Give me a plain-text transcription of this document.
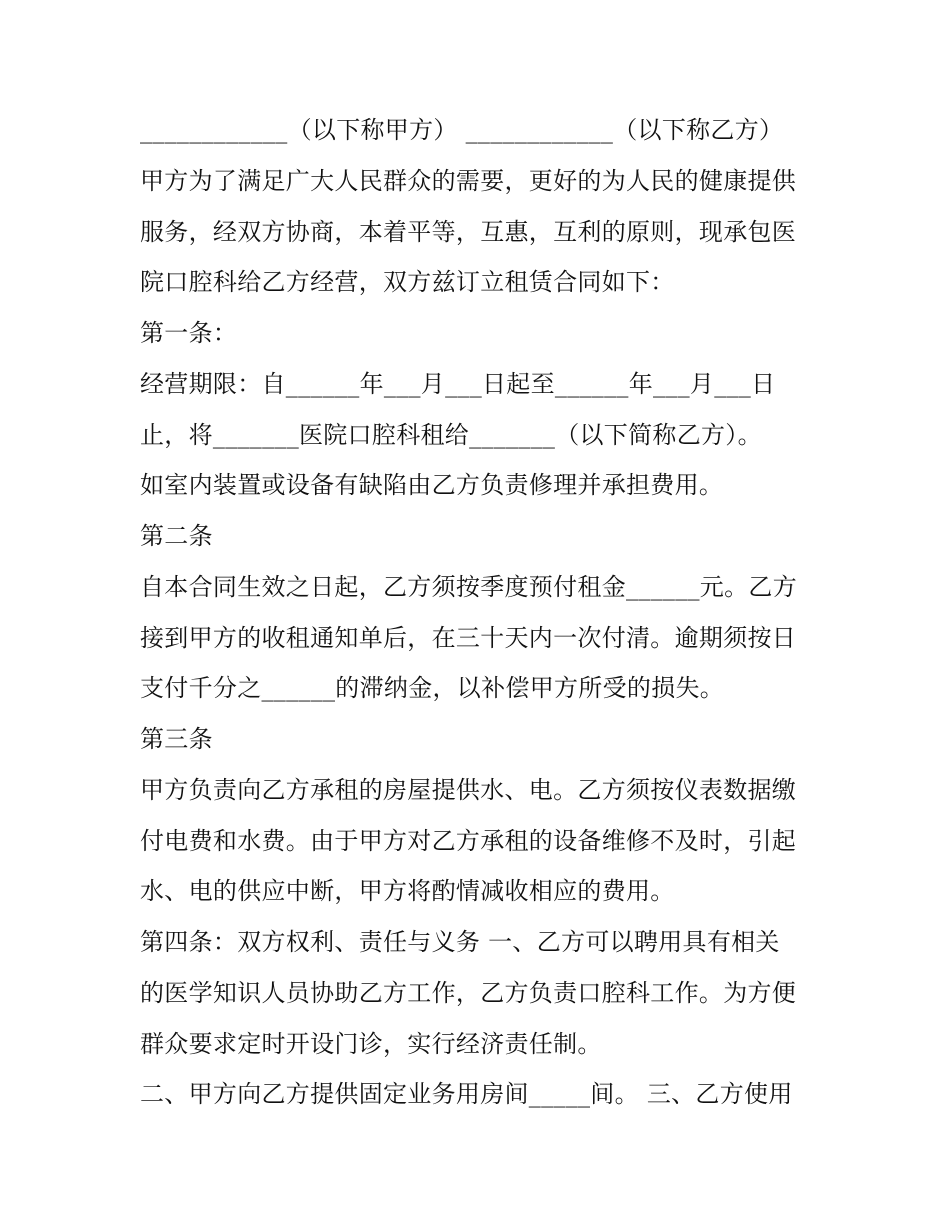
____________（以下称甲方） ____________（以下称乙方）
甲方为了满足广大人民群众的需要，更好的为人民的健康提供
服务，经双方协商，本着平等，互惠，互利的原则，现承包医
院口腔科给乙方经营，双方兹订立租赁合同如下：
第一条：
经营期限：自______年___月___日起至______年___月___日
止，将_______医院口腔科租给_______（以下简称乙方）。
如室内装置或设备有缺陷由乙方负责修理并承担费用。
第二条
自本合同生效之日起，乙方须按季度预付租金______元。乙方
接到甲方的收租通知单后，在三十天内一次付清。逾期须按日
支付千分之______的滞纳金，以补偿甲方所受的损失。
第三条
甲方负责向乙方承租的房屋提供水、电。乙方须按仪表数据缴
付电费和水费。由于甲方对乙方承租的设备维修不及时，引起
水、电的供应中断，甲方将酌情减收相应的费用。
第四条：双方权利、责任与义务 一、乙方可以聘用具有相关
的医学知识人员协助乙方工作，乙方负责口腔科工作。为方便
群众要求定时开设门诊，实行经济责任制。
二、甲方向乙方提供固定业务用房间_____间。 三、乙方使用
